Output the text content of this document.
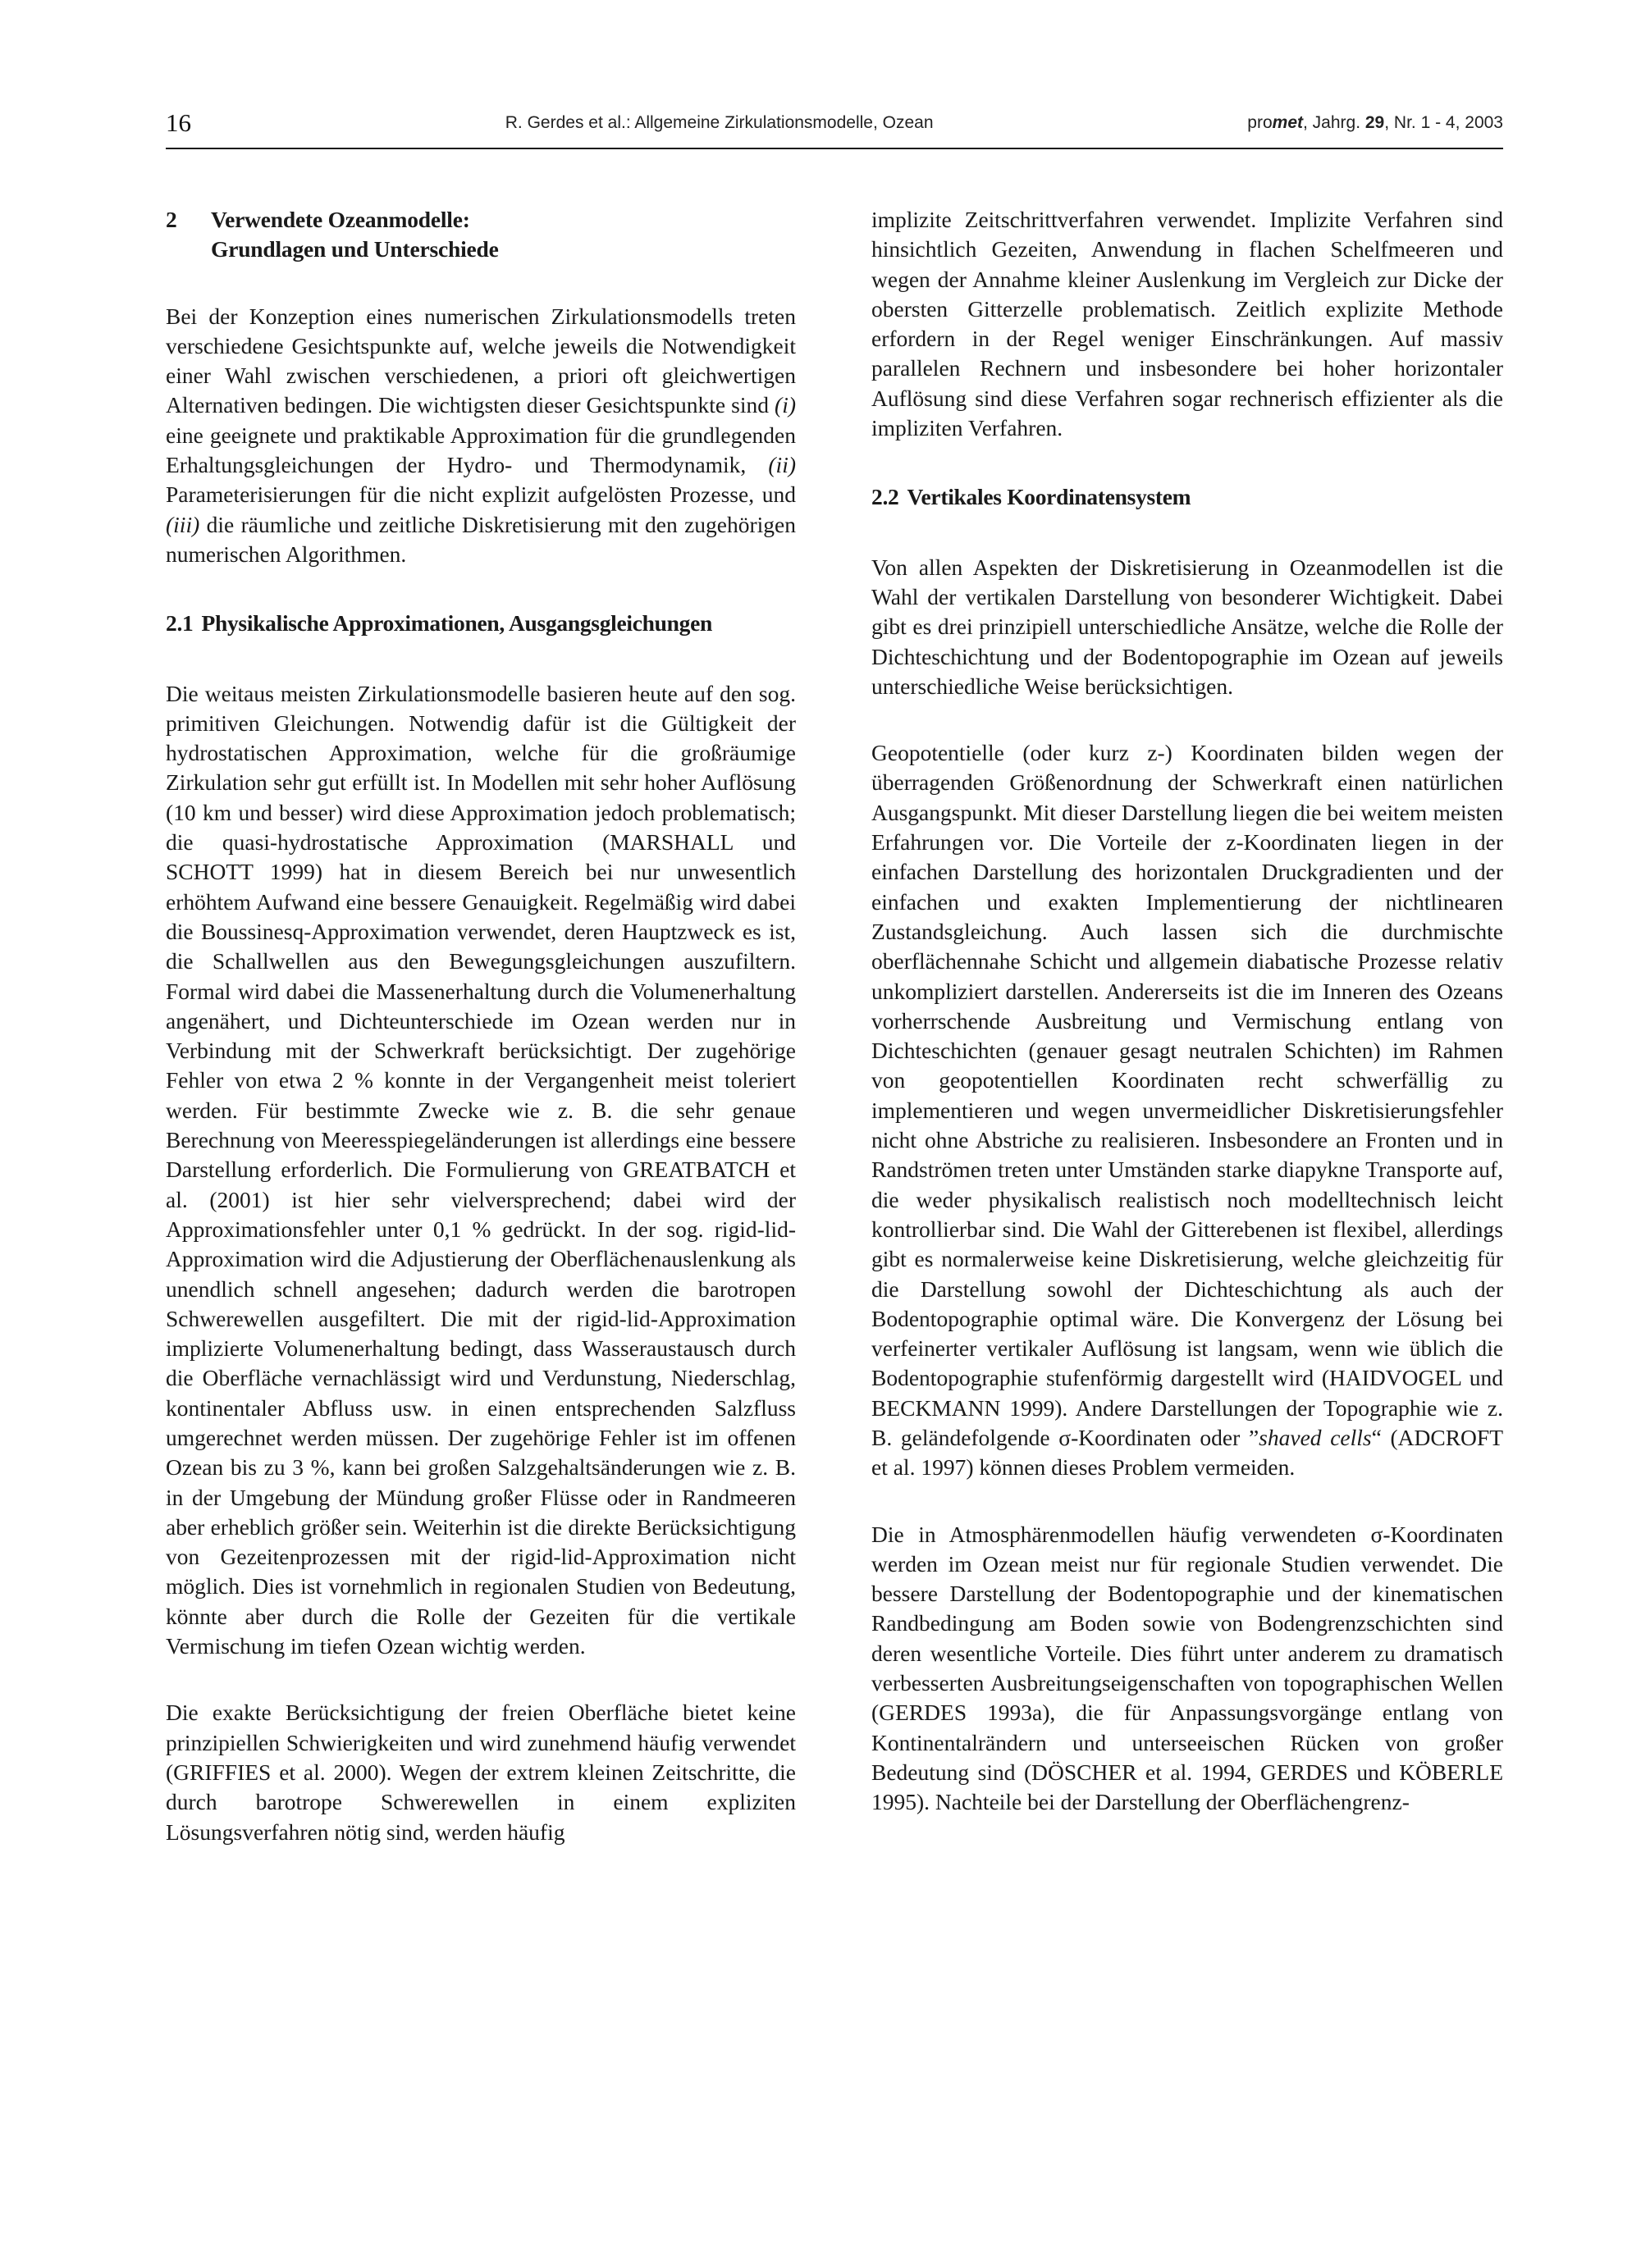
16	R. Gerdes et al.: Allgemeine Zirkulationsmodelle, Ozean	promet, Jahrg. 29, Nr. 1 - 4, 2003
2	Verwendete Ozeanmodelle:
Grundlagen und Unterschiede

Bei der Konzeption eines numerischen Zirkulationsmodells treten verschiedene Gesichtspunkte auf, welche jeweils die Notwendigkeit einer Wahl zwischen verschiedenen, a priori oft gleichwertigen Alternativen bedingen. Die wichtigsten dieser Gesichtspunkte sind (i) eine geeignete und praktikable Approximation für die grundlegenden Erhaltungsgleichungen der Hydro- und Thermodynamik, (ii) Parameterisierungen für die nicht explizit aufgelösten Prozesse, und (iii) die räumliche und zeitliche Diskretisierung mit den zugehörigen numerischen Algorithmen.

2.1 Physikalische Approximationen, Ausgangsgleichungen

Die weitaus meisten Zirkulationsmodelle basieren heute auf den sog. primitiven Gleichungen. Notwendig dafür ist die Gültigkeit der hydrostatischen Approximation, welche für die großräumige Zirkulation sehr gut erfüllt ist. In Modellen mit sehr hoher Auflösung (10 km und besser) wird diese Approximation jedoch problematisch; die quasi-hydrostatische Approximation (MARSHALL und SCHOTT 1999) hat in diesem Bereich bei nur unwesentlich erhöhtem Aufwand eine bessere Genauigkeit. Regelmäßig wird dabei die Boussinesq-Approximation verwendet, deren Hauptzweck es ist, die Schallwellen aus den Bewegungsgleichungen auszufiltern. Formal wird dabei die Massenerhaltung durch die Volumenerhaltung angenähert, und Dichteunterschiede im Ozean werden nur in Verbindung mit der Schwerkraft berücksichtigt. Der zugehörige Fehler von etwa 2 % konnte in der Vergangenheit meist toleriert werden. Für bestimmte Zwecke wie z. B. die sehr genaue Berechnung von Meeresspiegeländerungen ist allerdings eine bessere Darstellung erforderlich. Die Formulierung von GREATBATCH et al. (2001) ist hier sehr vielversprechend; dabei wird der Approximationsfehler unter 0,1 % gedrückt. In der sog. rigid-lid-Approximation wird die Adjustierung der Oberflächenauslenkung als unendlich schnell angesehen; dadurch werden die barotropen Schwerewellen ausgefiltert. Die mit der rigid-lid-Approximation implizierte Volumenerhaltung bedingt, dass Wasseraustausch durch die Oberfläche vernachlässigt wird und Verdunstung, Niederschlag, kontinentaler Abfluss usw. in einen entsprechenden Salzfluss umgerechnet werden müssen. Der zugehörige Fehler ist im offenen Ozean bis zu 3 %, kann bei großen Salzgehaltsänderungen wie z. B. in der Umgebung der Mündung großer Flüsse oder in Randmeeren aber erheblich größer sein. Weiterhin ist die direkte Berücksichtigung von Gezeitenprozessen mit der rigid-lid-Approximation nicht möglich. Dies ist vornehmlich in regionalen Studien von Bedeutung, könnte aber durch die Rolle der Gezeiten für die vertikale Vermischung im tiefen Ozean wichtig werden.

Die exakte Berücksichtigung der freien Oberfläche bietet keine prinzipiellen Schwierigkeiten und wird zunehmend häufig verwendet (GRIFFIES et al. 2000). Wegen der extrem kleinen Zeitschritte, die durch barotrope Schwerewellen in einem expliziten Lösungsverfahren nötig sind, werden häufig

implizite Zeitschrittverfahren verwendet. Implizite Verfahren sind hinsichtlich Gezeiten, Anwendung in flachen Schelfmeeren und wegen der Annahme kleiner Auslenkung im Vergleich zur Dicke der obersten Gitterzelle problematisch. Zeitlich explizite Methode erfordern in der Regel weniger Einschränkungen. Auf massiv parallelen Rechnern und insbesondere bei hoher horizontaler Auflösung sind diese Verfahren sogar rechnerisch effizienter als die impliziten Verfahren.

2.2 Vertikales Koordinatensystem

Von allen Aspekten der Diskretisierung in Ozeanmodellen ist die Wahl der vertikalen Darstellung von besonderer Wichtigkeit. Dabei gibt es drei prinzipiell unterschiedliche Ansätze, welche die Rolle der Dichteschichtung und der Bodentopographie im Ozean auf jeweils unterschiedliche Weise berücksichtigen.

Geopotentielle (oder kurz z-) Koordinaten bilden wegen der überragenden Größenordnung der Schwerkraft einen natürlichen Ausgangspunkt. Mit dieser Darstellung liegen die bei weitem meisten Erfahrungen vor. Die Vorteile der z-Koordinaten liegen in der einfachen Darstellung des horizontalen Druckgradienten und der einfachen und exakten Implementierung der nichtlinearen Zustandsgleichung. Auch lassen sich die durchmischte oberflächennahe Schicht und allgemein diabatische Prozesse relativ unkompliziert darstellen. Andererseits ist die im Inneren des Ozeans vorherrschende Ausbreitung und Vermischung entlang von Dichteschichten (genauer gesagt neutralen Schichten) im Rahmen von geopotentiellen Koordinaten recht schwerfällig zu implementieren und wegen unvermeidlicher Diskretisierungsfehler nicht ohne Abstriche zu realisieren. Insbesondere an Fronten und in Randströmen treten unter Umständen starke diapykne Transporte auf, die weder physikalisch realistisch noch modelltechnisch leicht kontrollierbar sind. Die Wahl der Gitterebenen ist flexibel, allerdings gibt es normalerweise keine Diskretisierung, welche gleichzeitig für die Darstellung sowohl der Dichteschichtung als auch der Bodentopographie optimal wäre. Die Konvergenz der Lösung bei verfeinerter vertikaler Auflösung ist langsam, wenn wie üblich die Bodentopographie stufenförmig dargestellt wird (HAIDVOGEL und BECKMANN 1999). Andere Darstellungen der Topographie wie z. B. geländefolgende σ-Koordinaten oder ”shaved cells“ (ADCROFT et al. 1997) können dieses Problem vermeiden.

Die in Atmosphärenmodellen häufig verwendeten σ-Koordinaten werden im Ozean meist nur für regionale Studien verwendet. Die bessere Darstellung der Bodentopographie und der kinematischen Randbedingung am Boden sowie von Bodengrenzschichten sind deren wesentliche Vorteile. Dies führt unter anderem zu dramatisch verbesserten Ausbreitungseigenschaften von topographischen Wellen (GERDES 1993a), die für Anpassungsvorgänge entlang von Kontinentalrändern und unterseeischen Rücken von großer Bedeutung sind (DÖSCHER et al. 1994, GERDES und KÖBERLE 1995). Nachteile bei der Darstellung der Oberflächengrenz-
